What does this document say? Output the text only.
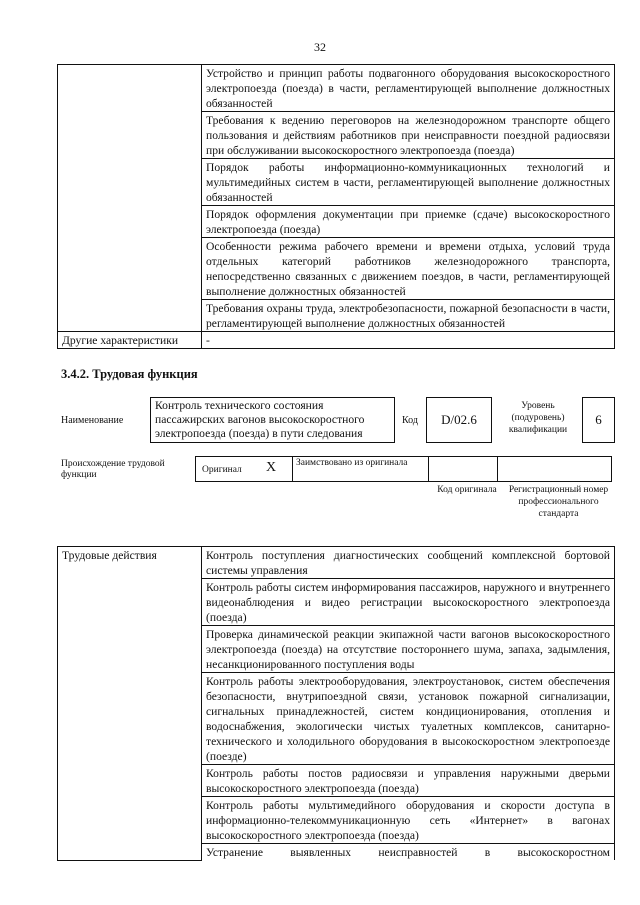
32
	Устройство и принцип работы подвагонного оборудования высокоскоростного электропоезда (поезда) в части, регламентирующей выполнение должностных обязанностей
	Требования к ведению переговоров на железнодорожном транспорте общего пользования и действиям работников при неисправности поездной радиосвязи при обслуживании высокоскоростного электропоезда (поезда)
	Порядок работы информационно-коммуникационных технологий и мультимедийных систем в части, регламентирующей выполнение должностных обязанностей
	Порядок оформления документации при приемке (сдаче) высокоскоростного электропоезда (поезда)
	Особенности режима рабочего времени и времени отдыха, условий труда отдельных категорий работников железнодорожного транспорта, непосредственно связанных с движением поездов, в части, регламентирующей выполнение должностных обязанностей
	Требования охраны труда, электробезопасности, пожарной безопасности в части, регламентирующей выполнение должностных обязанностей
Другие характеристики	-
3.4.2. Трудовая функция
Наименование
Контроль технического состояния пассажирских вагонов высокоскоростного электропоезда (поезда) в пути следования
Код	D/02.6
Уровень (подуровень) квалификации
6
Происхождение трудовой функции	Оригинал X	Заимствовано из оригинала
Код оригинала	Регистрационный номер профессионального стандарта
Трудовые действия	Контроль поступления диагностических сообщений комплексной бортовой системы управления
Контроль работы систем информирования пассажиров, наружного и внутреннего видеонаблюдения и видео регистрации высокоскоростного электропоезда (поезда)
Проверка динамической реакции экипажной части вагонов высокоскоростного электропоезда (поезда) на отсутствие постороннего шума, запаха, задымления, несанкционированного поступления воды
Контроль работы электрооборудования, электроустановок, систем обеспечения безопасности, внутрипоездной связи, установок пожарной сигнализации, сигнальных принадлежностей, систем кондиционирования, отопления и водоснабжения, экологически чистых туалетных комплексов, санитарно-технического и холодильного оборудования в высокоскоростном электропоезде (поезде)
Контроль работы постов радиосвязи и управления наружными дверьми высокоскоростного электропоезда (поезда)
Контроль работы мультимедийного оборудования и скорости доступа в информационно-телекоммуникационную сеть «Интернет» в вагонах высокоскоростного электропоезда (поезда)

Устранение выявленных неисправностей в высокоскоростном
